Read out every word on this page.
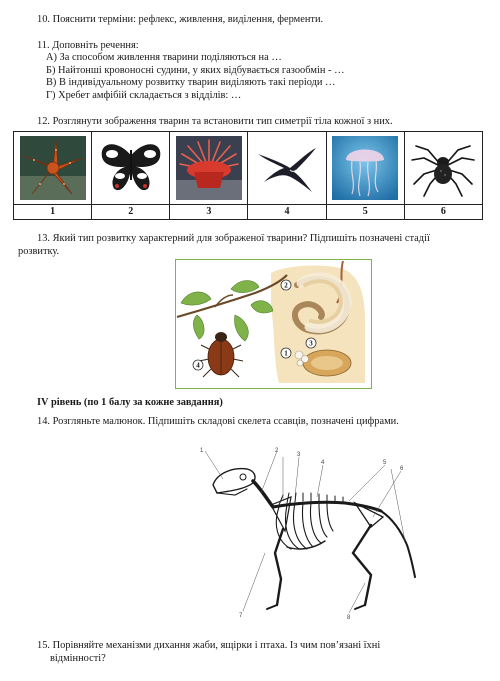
10. Пояснити терміни: рефлекс, живлення, виділення, ферменти.
11. Доповніть речення:
А) За способом живлення тварини поділяються на …
Б) Найтонші кровоносні судини, у яких відбувається газообмін - …
В) В індивідуальному розвитку тварин виділяють такі періоди …
Г) Хребет амфібій складається з відділів: …
12. Розглянути зображення тварин та встановити тип симетрії тіла кожної з них.

1	2	3	4	5	6
13. Який тип розвитку характерний для зображеної тварини? Підпишіть позначені стадії
розвитку.
1
2
3
4
IV рівень (по 1 балу за кожне завдання)
14. Розгляньте малюнок. Підпишіть складові скелета ссавців, позначені цифрами.
1	2
3
4	5
6
7	8
15. Порівняйте механізми дихання жаби, ящірки і птаха. Із чим пов’язані їхні
відмінності?
